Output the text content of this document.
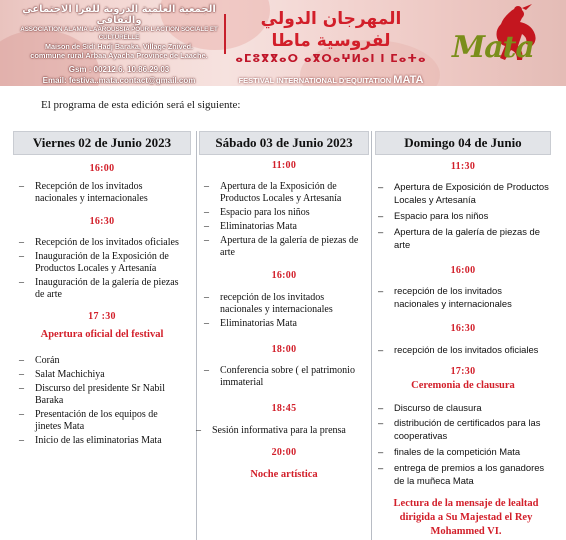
الجمعية العلمية الدروية للفرا الاجتماعي والثقافي
ASSOCIATION ALAMIA LAAROUSSIA POUR L'ACTION SOCIALE ET CULTURELLE
Maison de Sidi Hadj Baraka, Village Znived.
commune rural Arbaa Ayacha Province de Laache.
Gsm : 00212.6. 10.86.29.03
Email: festiva..mata.contact@gmail.com
المهرجان الدولي لفروسية ماطا
ⴰⵎⵓⴳⴳⴰⵔ ⴰⴳⵔⴰⵖⵍⴰⵏ ⵏ ⵎⴰⵜⴰ
FESTIVAL INTERNATIONAL D'EQUITATION MATA
Mata
El programa de esta edición será el siguiente:
Viernes 02 de Junio 2023
16:00
– Recepción de los invitados nacionales y internacionales
16:30
– Recepción de los invitados oficiales
– Inauguración de la Exposición de Productos Locales y Artesanía
– Inauguración de la galería de piezas de arte
17 :30
Apertura oficial del festival
– Corán
– Salat Machichiya
– Discurso del presidente Sr Nabil Baraka
– Presentación de los equipos de jinetes Mata
– Inicio de las eliminatorias Mata
Sábado 03 de Junio 2023
11:00
– Apertura de la Exposición de Productos Locales y Artesanía
– Espacio para los niños
– Eliminatorias Mata
– Apertura de la galería de piezas de arte
16:00
– recepción de los invitados nacionales y internacionales
– Eliminatorias Mata
18:00
– Conferencia sobre ( el patrimonio immaterial
18:45
– Sesión informativa para la prensa
20:00
Noche artística
Domingo 04 de Junio
11:30
– Apertura de Exposición de Productos Locales y Artesanía
– Espacio para los niños
– Apertura de la galería de piezas de arte
16:00
– recepción de los invitados nacionales y internacionales
16:30
– recepción de los invitados oficiales
17:30
Ceremonia de clausura
– Discurso de clausura
– distribución de certificados para las cooperativas
– finales de la competición Mata
– entrega de premios a los ganadores de la muñeca Mata
Lectura de la mensaje de lealtad dirigida a Su Majestad el Rey Mohammed VI.
